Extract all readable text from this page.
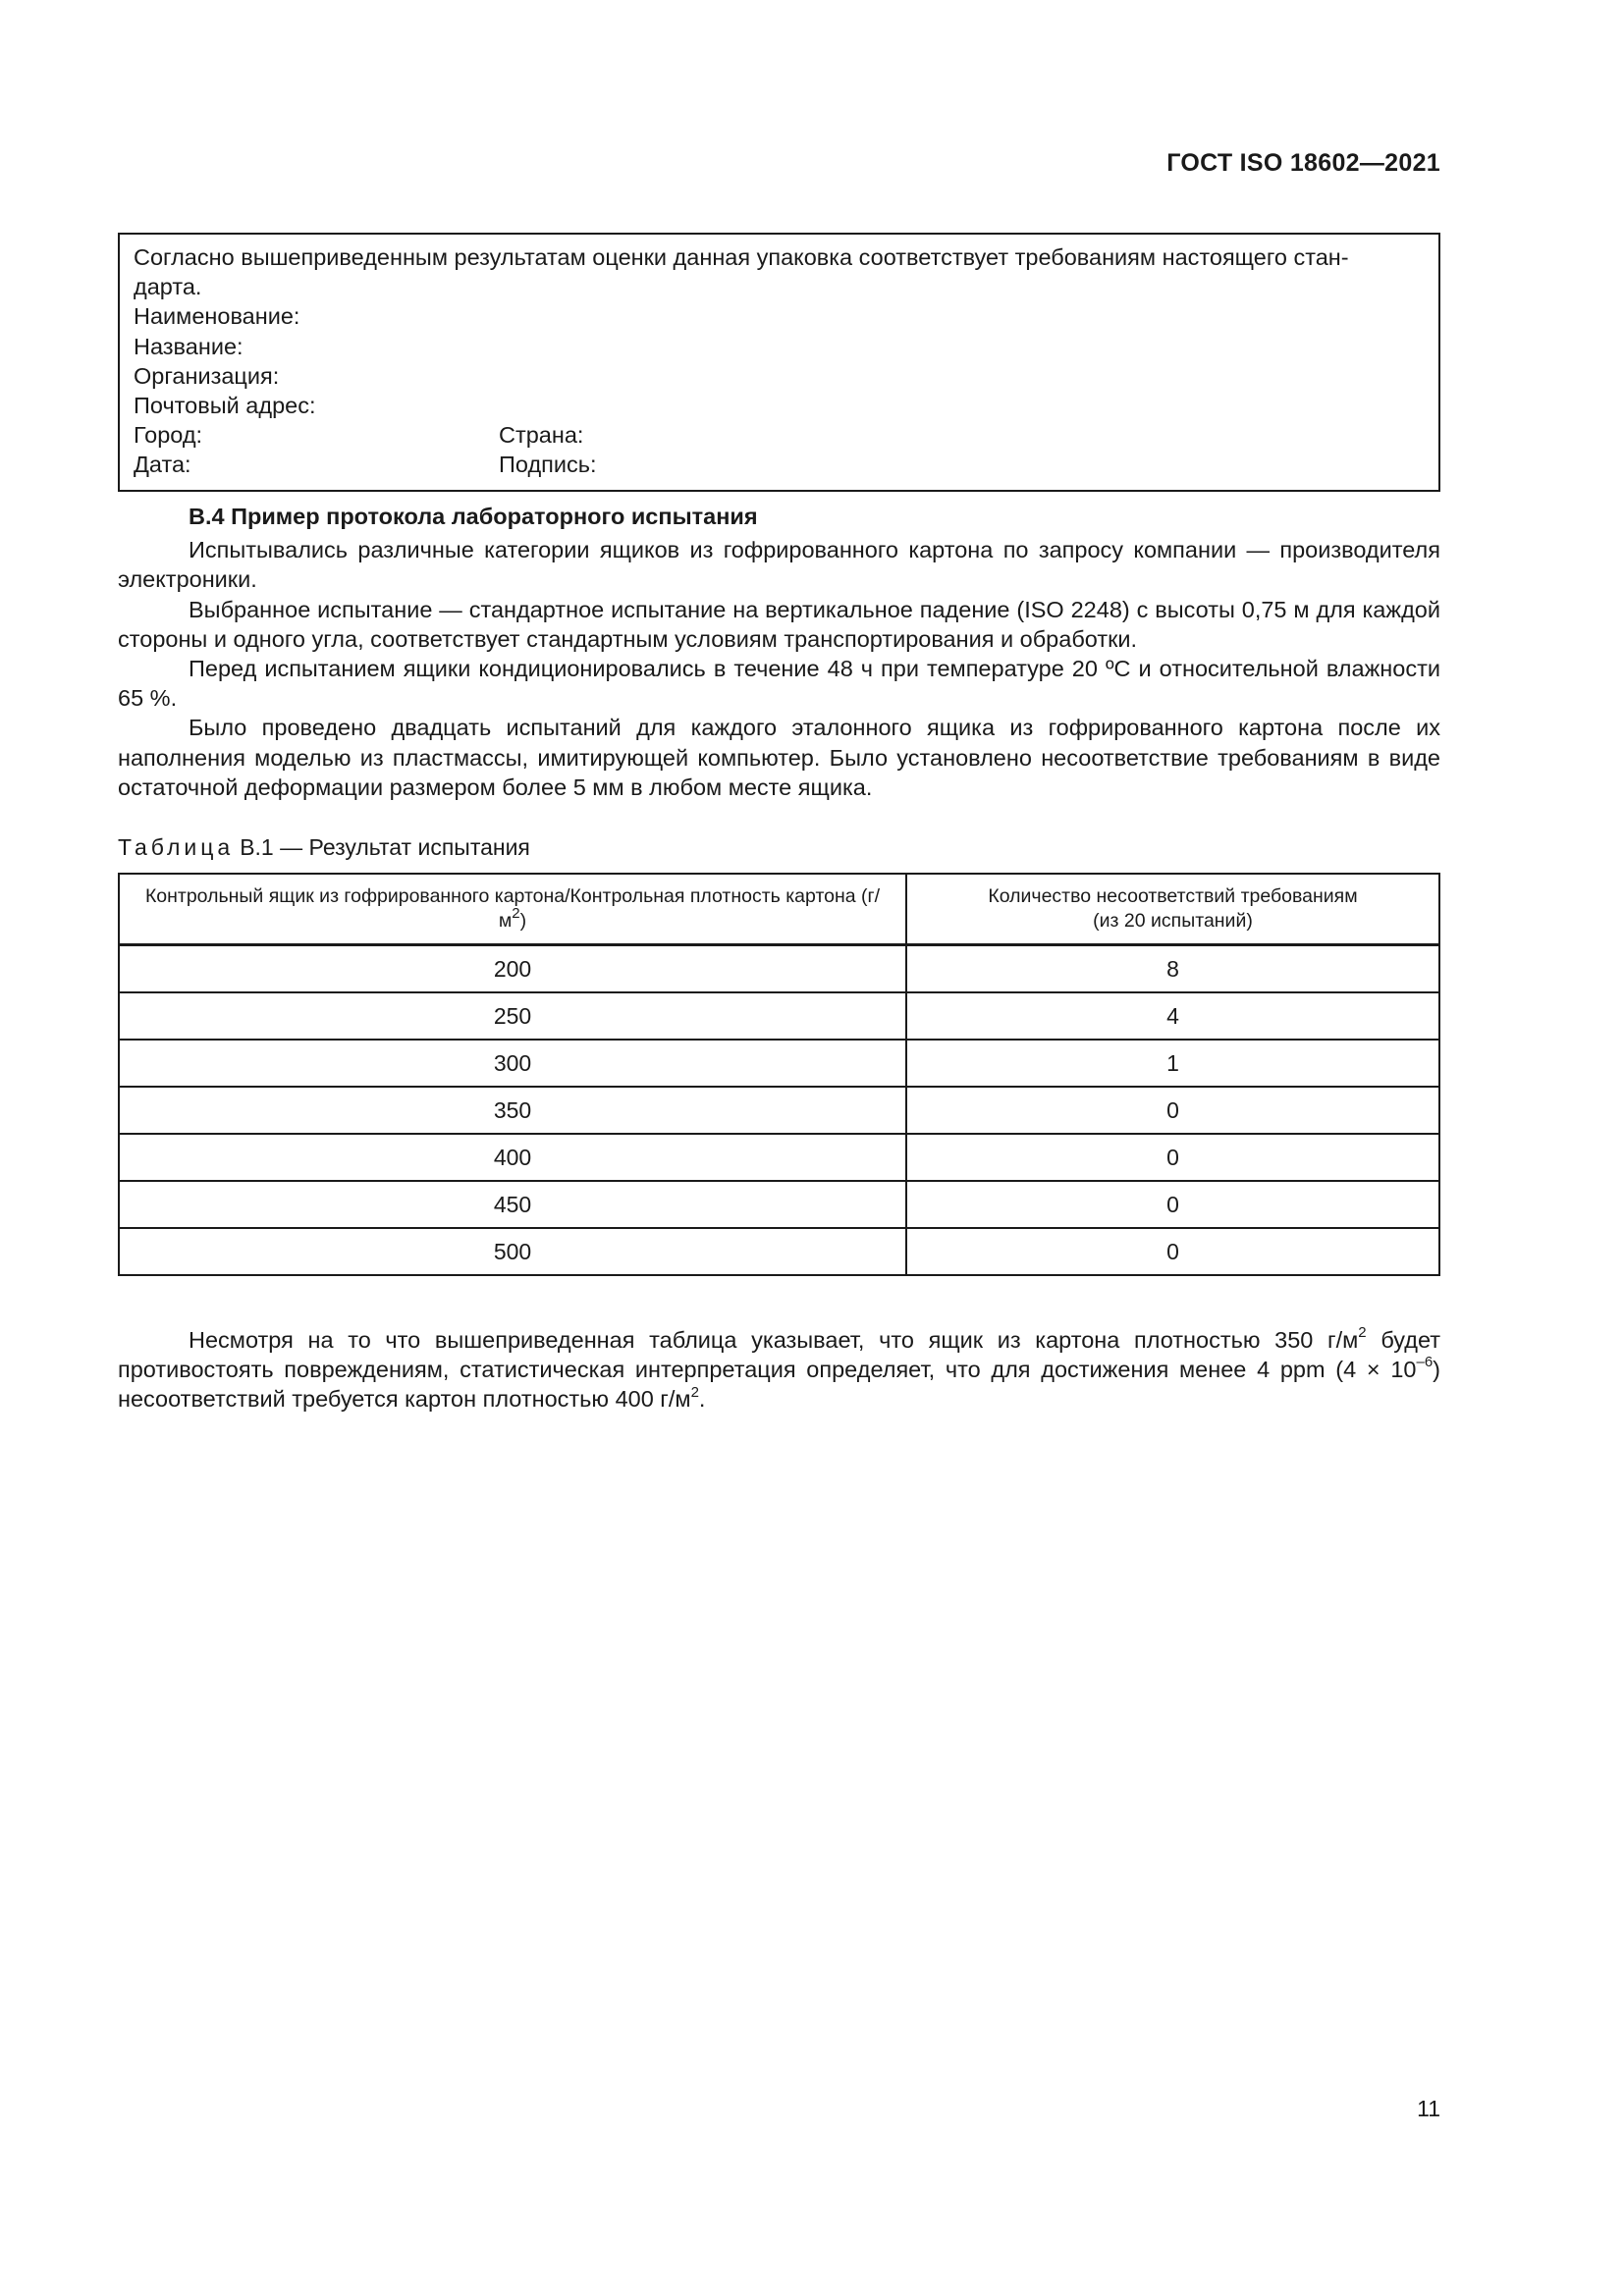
ГОСТ ISO 18602—2021
Согласно вышеприведенным результатам оценки данная упаковка соответствует требованиям настоящего стан-
дарта.
Наименование:
Название:
Организация:
Почтовый адрес:
Город:	Страна:
Дата:	Подпись:
B.4 Пример протокола лабораторного испытания

Испытывались различные категории ящиков из гофрированного картона по запросу компании — производителя электроники.

Выбранное испытание — стандартное испытание на вертикальное падение (ISO 2248) с высоты 0,75 м для каждой стороны и одного угла, соответствует стандартным условиям транспортирования и обработки.

Перед испытанием ящики кондиционировались в течение 48 ч при температуре 20 ºС и относительной влажности 65 %.

Было проведено двадцать испытаний для каждого эталонного ящика из гофрированного картона после их наполнения моделью из пластмассы, имитирующей компьютер. Было установлено несоответствие требованиям в виде остаточной деформации размером более 5 мм в любом месте ящика.

Таблица B.1 — Результат испытания
Контрольный ящик из гофрированного картона/Контрольная плотность картона $(г/м^2)$	Количество несоответствий требованиям
(из 20 испытаний)
200	8
250	4
300	1
350	0
400	0
450	0
500	0

Несмотря на то что вышеприведенная таблица указывает, что ящик из картона плотностью 350 $г/м^2$ будет противостоять повреждениям, статистическая интерпретация определяет, что для достижения менее 4 ppm $(4 \times 10^{-6})$ несоответствий требуется картон плотностью 400 $г/м^2$.

11
